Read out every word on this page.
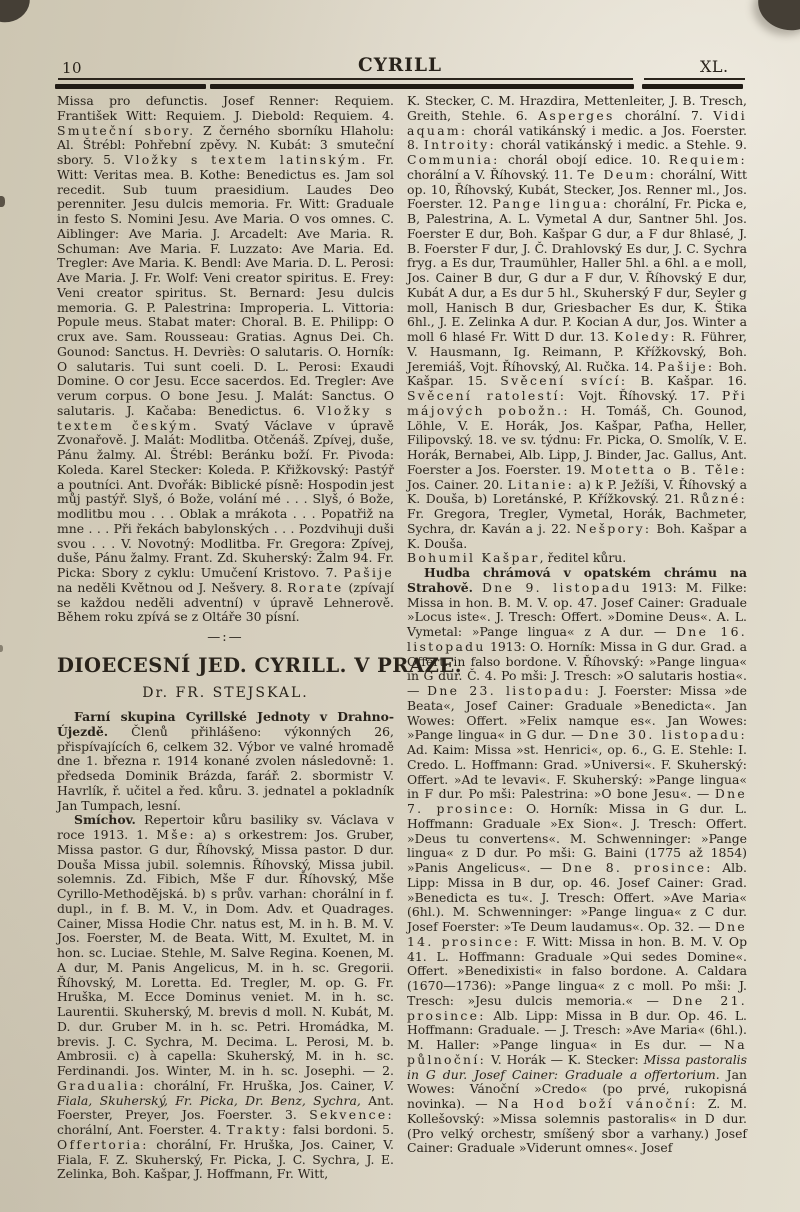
10	CYRILL	XL.

Missa pro defunctis. Josef Renner: Requiem. František Witt: Requiem. J. Diebold: Requiem. 4. Smuteční sbory. Z černého sborníku Hlaholu: Al. Štrébl: Pohřební zpěvy. N. Kubát: 3 smuteční sbory. 5. Vložky s textem latinským. Fr. Witt: Veritas mea. B. Kothe: Benedictus es. Jam sol recedit. Sub tuum praesidium. Laudes Deo perenniter. Jesu dulcis memoria. Fr. Witt: Graduale in festo S. Nomini Jesu. Ave Maria. O vos omnes. C. Aiblinger: Ave Maria. J. Arcadelt: Ave Maria. R. Schuman: Ave Maria. F. Luzzato: Ave Maria. Ed. Tregler: Ave Maria. K. Bendl: Ave Maria. D. L. Perosi: Ave Maria. J. Fr. Wolf: Veni creator spiritus. E. Frey: Veni creator spiritus. St. Bernard: Jesu dulcis memoria. G. P. Palestrina: Improperia. L. Vittoria: Popule meus. Stabat mater: Choral. B. E. Philipp: O crux ave. Sam. Rousseau: Gratias. Agnus Dei. Ch. Gounod: Sanctus. H. Devriès: O salutaris. O. Horník: O salutaris. Tui sunt coeli. D. L. Perosi: Exaudi Domine. O cor Jesu. Ecce sacerdos. Ed. Tregler: Ave verum corpus. O bone Jesu. J. Malát: Sanctus. O salutaris. J. Kačaba: Benedictus. 6. Vložky s textem českým. Svatý Václave v úpravě Zvonařově. J. Malát: Modlitba. Otčenáš. Zpívej, duše, Pánu žalmy. Al. Štrébl: Beránku boží. Fr. Pivoda: Koleda. Karel Stecker: Koleda. P. Křižkovský: Pastýř a poutníci. Ant. Dvořák: Biblické písně: Hospodin jest můj pastýř. Slyš, ó Bože, volání mé . . . Slyš, ó Bože, modlitbu mou . . . Oblak a mrákota . . . Popatřiž na mne . . . Při řekách babylonských . . . Pozdvihuji duši svou . . . V. Novotný: Modlitba. Fr. Gregora: Zpívej, duše, Pánu žalmy. Frant. Zd. Skuherský: Žalm 94. Fr. Picka: Sbory z cyklu: Umučení Kristovo. 7. Pašije na neděli Květnou od J. Nešvery. 8. Rorate (zpívají se každou neděli adventní) v úpravě Lehnerově. Během roku zpívá se z Oltáře 30 písní.

—:—
DIOECESNÍ JED. CYRILL. V PRAZE.
Dr. FR. STEJSKAL.

Farní skupina Cyrillské Jednoty v Drahno-Újezdě. Členů přihlášeno: výkonných 26, přispívajících 6, celkem 32. Výbor ve valné hromadě dne 1. března r. 1914 konané zvolen následovně: 1. předseda Dominik Brázda, farář. 2. sbormistr V. Havrlík, ř. učitel a řed. kůru. 3. jednatel a pokladník Jan Tumpach, lesní.

Smíchov. Repertoir kůru basiliky sv. Václava v roce 1913. 1. Mše: a) s orkestrem: Jos. Gruber, Missa pastor. G dur, Říhovský, Missa pastor. D dur. Douša Missa jubil. solemnis. Říhovský, Missa jubil. solemnis. Zd. Fibich, Mše F dur. Říhovský, Mše Cyrillo-Methodějská. b) s prův. varhan: chorální in f. dupl., in f. B. M. V., in Dom. Adv. et Quadrages. Cainer, Missa Hodie Chr. natus est, M. in h. B. M. V. Jos. Foerster, M. de Beata. Witt, M. Exultet, M. in hon. sc. Luciae. Stehle, M. Salve Regina. Koenen, M. A dur, M. Panis Angelicus, M. in h. sc. Gregorii. Říhovský, M. Loretta. Ed. Tregler, M. op. G. Fr. Hruška, M. Ecce Dominus veniet. M. in h. sc. Laurentii. Skuherský, M. brevis d moll. N. Kubát, M. D. dur. Gruber M. in h. sc. Petri. Hromádka, M. brevis. J. C. Sychra, M. Decima. L. Perosi, M. b. Ambrosii. c) à capella: Skuherský, M. in h. sc. Ferdinandi. Jos. Winter, M. in h. sc. Josephi. — 2. Gradualia: chorální, Fr. Hruška, Jos. Cainer, V. Fiala, Skuherský, Fr. Picka, Dr. Benz, Sychra, Ant. Foerster, Preyer, Jos. Foerster. 3. Sekvence: chorální, Ant. Foerster. 4. Trakty: falsi bordoni. 5. Offertoria: chorální, Fr. Hruška, Jos. Cainer, V. Fiala, F. Z. Skuherský, Fr. Picka, J. C. Sychra, J. E. Zelinka, Boh. Kašpar, J. Hoffmann, Fr. Witt,

K. Stecker, C. M. Hrazdira, Mettenleiter, J. B. Tresch, Greith, Stehle. 6. Asperges chorální. 7. Vidi aquam: chorál vatikánský i medic. a Jos. Foerster. 8. Introity: chorál vatikánský i medic. a Stehle. 9. Communia: chorál obojí edice. 10. Requiem: chorální a V. Říhovský. 11. Te Deum: chorální, Witt op. 10, Říhovský, Kubát, Stecker, Jos. Renner ml., Jos. Foerster. 12. Pange lingua: chorální, Fr. Picka e, B, Palestrina, A. L. Vymetal A dur, Santner 5hl. Jos. Foerster E dur, Boh. Kašpar G dur, a F dur 8hlasé, J. B. Foerster F dur, J. Č. Drahlovský Es dur, J. C. Sychra fryg. a Es dur, Traumühler, Haller 5hl. a 6hl. a e moll, Jos. Cainer B dur, G dur a F dur, V. Říhovský E dur, Kubát A dur, a Es dur 5 hl., Skuherský F dur, Seyler g moll, Hanisch B dur, Griesbacher Es dur, K. Štika 6hl., J. E. Zelinka A dur. P. Kocian A dur, Jos. Winter a moll 6 hlasé Fr. Witt D dur. 13. Koledy: R. Führer, V. Hausmann, Ig. Reimann, P. Křížkovský, Boh. Jeremiáš, Vojt. Říhovský, Al. Ručka. 14. Pašije: Boh. Kašpar. 15. Svěcení svící: B. Kašpar. 16. Svěcení ratolestí: Vojt. Říhovský. 17. Při májových pobožn.: H. Tomáš, Ch. Gounod, Löhle, V. E. Horák, Jos. Kašpar, Paťha, Heller, Filipovský. 18. ve sv. týdnu: Fr. Picka, O. Smolík, V. E. Horák, Bernabei, Alb. Lipp, J. Binder, Jac. Gallus, Ant. Foerster a Jos. Foerster. 19. Motetta o B. Těle: Jos. Cainer. 20. Litanie: a) k P. Ježíši, V. Říhovský a K. Douša, b) Loretánské, P. Křížkovský. 21. Různé: Fr. Gregora, Tregler, Vymetal, Horák, Bachmeter, Sychra, dr. Kaván a j. 22. Nešpory: Boh. Kašpar a K. Douša.

Bohumil Kašpar, ředitel kůru.

Hudba chrámová v opatském chrámu na Strahově. Dne 9. listopadu 1913: M. Filke: Missa in hon. B. M. V. op. 47. Josef Cainer: Graduale »Locus iste«. J. Tresch: Offert. »Domine Deus«. A. L. Vymetal: »Pange lingua« z A dur. — Dne 16. listopadu 1913: O. Horník: Missa in G dur. Grad. a Offert. in falso bordone. V. Říhovský: »Pange lingua« in G dur. Č. 4. Po mši: J. Tresch: »O salutaris hostia«. — Dne 23. listopadu: J. Foerster: Missa »de Beata«, Josef Cainer: Graduale »Benedicta«. Jan Wowes: Offert. »Felix namque es«. Jan Wowes: »Pange lingua« in G dur. — Dne 30. listopadu: Ad. Kaim: Missa »st. Henrici«, op. 6., G. E. Stehle: I. Credo. L. Hoffmann: Grad. »Universi«. F. Skuherský: Offert. »Ad te levavi«. F. Skuherský: »Pange lingua« in F dur. Po mši: Palestrina: »O bone Jesu«. — Dne 7. prosince: O. Horník: Missa in G dur. L. Hoffmann: Graduale »Ex Sion«. J. Tresch: Offert. »Deus tu convertens«. M. Schwenninger: »Pange lingua« z D dur. Po mši: G. Baini (1775 až 1854) »Panis Angelicus«. — Dne 8. prosince: Alb. Lipp: Missa in B dur, op. 46. Josef Cainer: Grad. »Benedicta es tu«. J. Tresch: Offert. »Ave Maria« (6hl.). M. Schwenninger: »Pange lingua« z C dur. Josef Foerster: »Te Deum laudamus«. Op. 32. — Dne 14. prosince: F. Witt: Missa in hon. B. M. V. Op 41. L. Hoffmann: Graduale »Qui sedes Domine«. Offert. »Benedixisti« in falso bordone. A. Caldara (1670—1736): »Pange lingua« z c moll. Po mši: J. Tresch: »Jesu dulcis memoria.« — Dne 21. prosince: Alb. Lipp: Missa in B dur. Op. 46. L. Hoffmann: Graduale. — J. Tresch: »Ave Maria« (6hl.). M. Haller: »Pange lingua« in Es dur. — Na půlnoční: V. Horák — K. Stecker: Missa pastoralis in G dur. Josef Cainer: Graduale a offertorium. Jan Wowes: Vánoční »Credo« (po prvé, rukopisná novinka). — Na Hod boží vánoční: Z. M. Kollešovský: »Missa solemnis pastoralis« in D dur. (Pro velký orchestr, smíšený sbor a varhany.) Josef Cainer: Graduale »Viderunt omnes«. Josef
